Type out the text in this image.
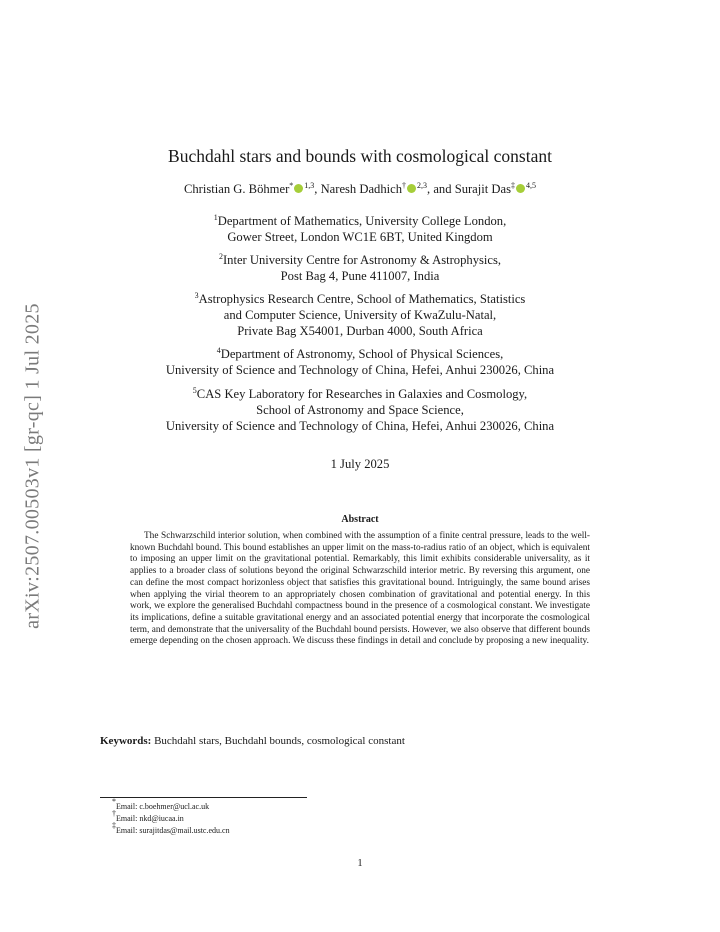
arXiv:2507.00503v1 [gr-qc] 1 Jul 2025
Buchdahl stars and bounds with cosmological constant
Christian G. Böhmer* $^{1,3}$, Naresh Dadhich† $^{2,3}$, and Surajit Das‡ $^{4,5}$
$^1$Department of Mathematics, University College London,
Gower Street, London WC1E 6BT, United Kingdom
$^2$Inter University Centre for Astronomy & Astrophysics,
Post Bag 4, Pune 411007, India
$^3$Astrophysics Research Centre, School of Mathematics, Statistics
and Computer Science, University of KwaZulu-Natal,
Private Bag X54001, Durban 4000, South Africa
$^4$Department of Astronomy, School of Physical Sciences,
University of Science and Technology of China, Hefei, Anhui 230026, China
$^5$CAS Key Laboratory for Researches in Galaxies and Cosmology,
School of Astronomy and Space Science,
University of Science and Technology of China, Hefei, Anhui 230026, China
1 July 2025
Abstract
The Schwarzschild interior solution, when combined with the assumption of a finite central pressure, leads to the well-known Buchdahl bound. This bound establishes an upper limit on the mass-to-radius ratio of an object, which is equivalent to imposing an upper limit on the gravitational potential. Remarkably, this limit exhibits considerable universality, as it applies to a broader class of solutions beyond the original Schwarzschild interior metric. By reversing this argument, one can define the most compact horizonless object that satisfies this gravitational bound. Intriguingly, the same bound arises when applying the virial theorem to an appropriately chosen combination of gravitational and potential energy. In this work, we explore the generalised Buchdahl compactness bound in the presence of a cosmological constant. We investigate its implications, define a suitable gravitational energy and an associated potential energy that incorporate the cosmological term, and demonstrate that the universality of the Buchdahl bound persists. However, we also observe that different bounds emerge depending on the chosen approach. We discuss these findings in detail and conclude by proposing a new inequality.
Keywords: Buchdahl stars, Buchdahl bounds, cosmological constant
*Email: c.boehmer@ucl.ac.uk
†Email: nkd@iucaa.in
‡Email: surajitdas@mail.ustc.edu.cn
1
